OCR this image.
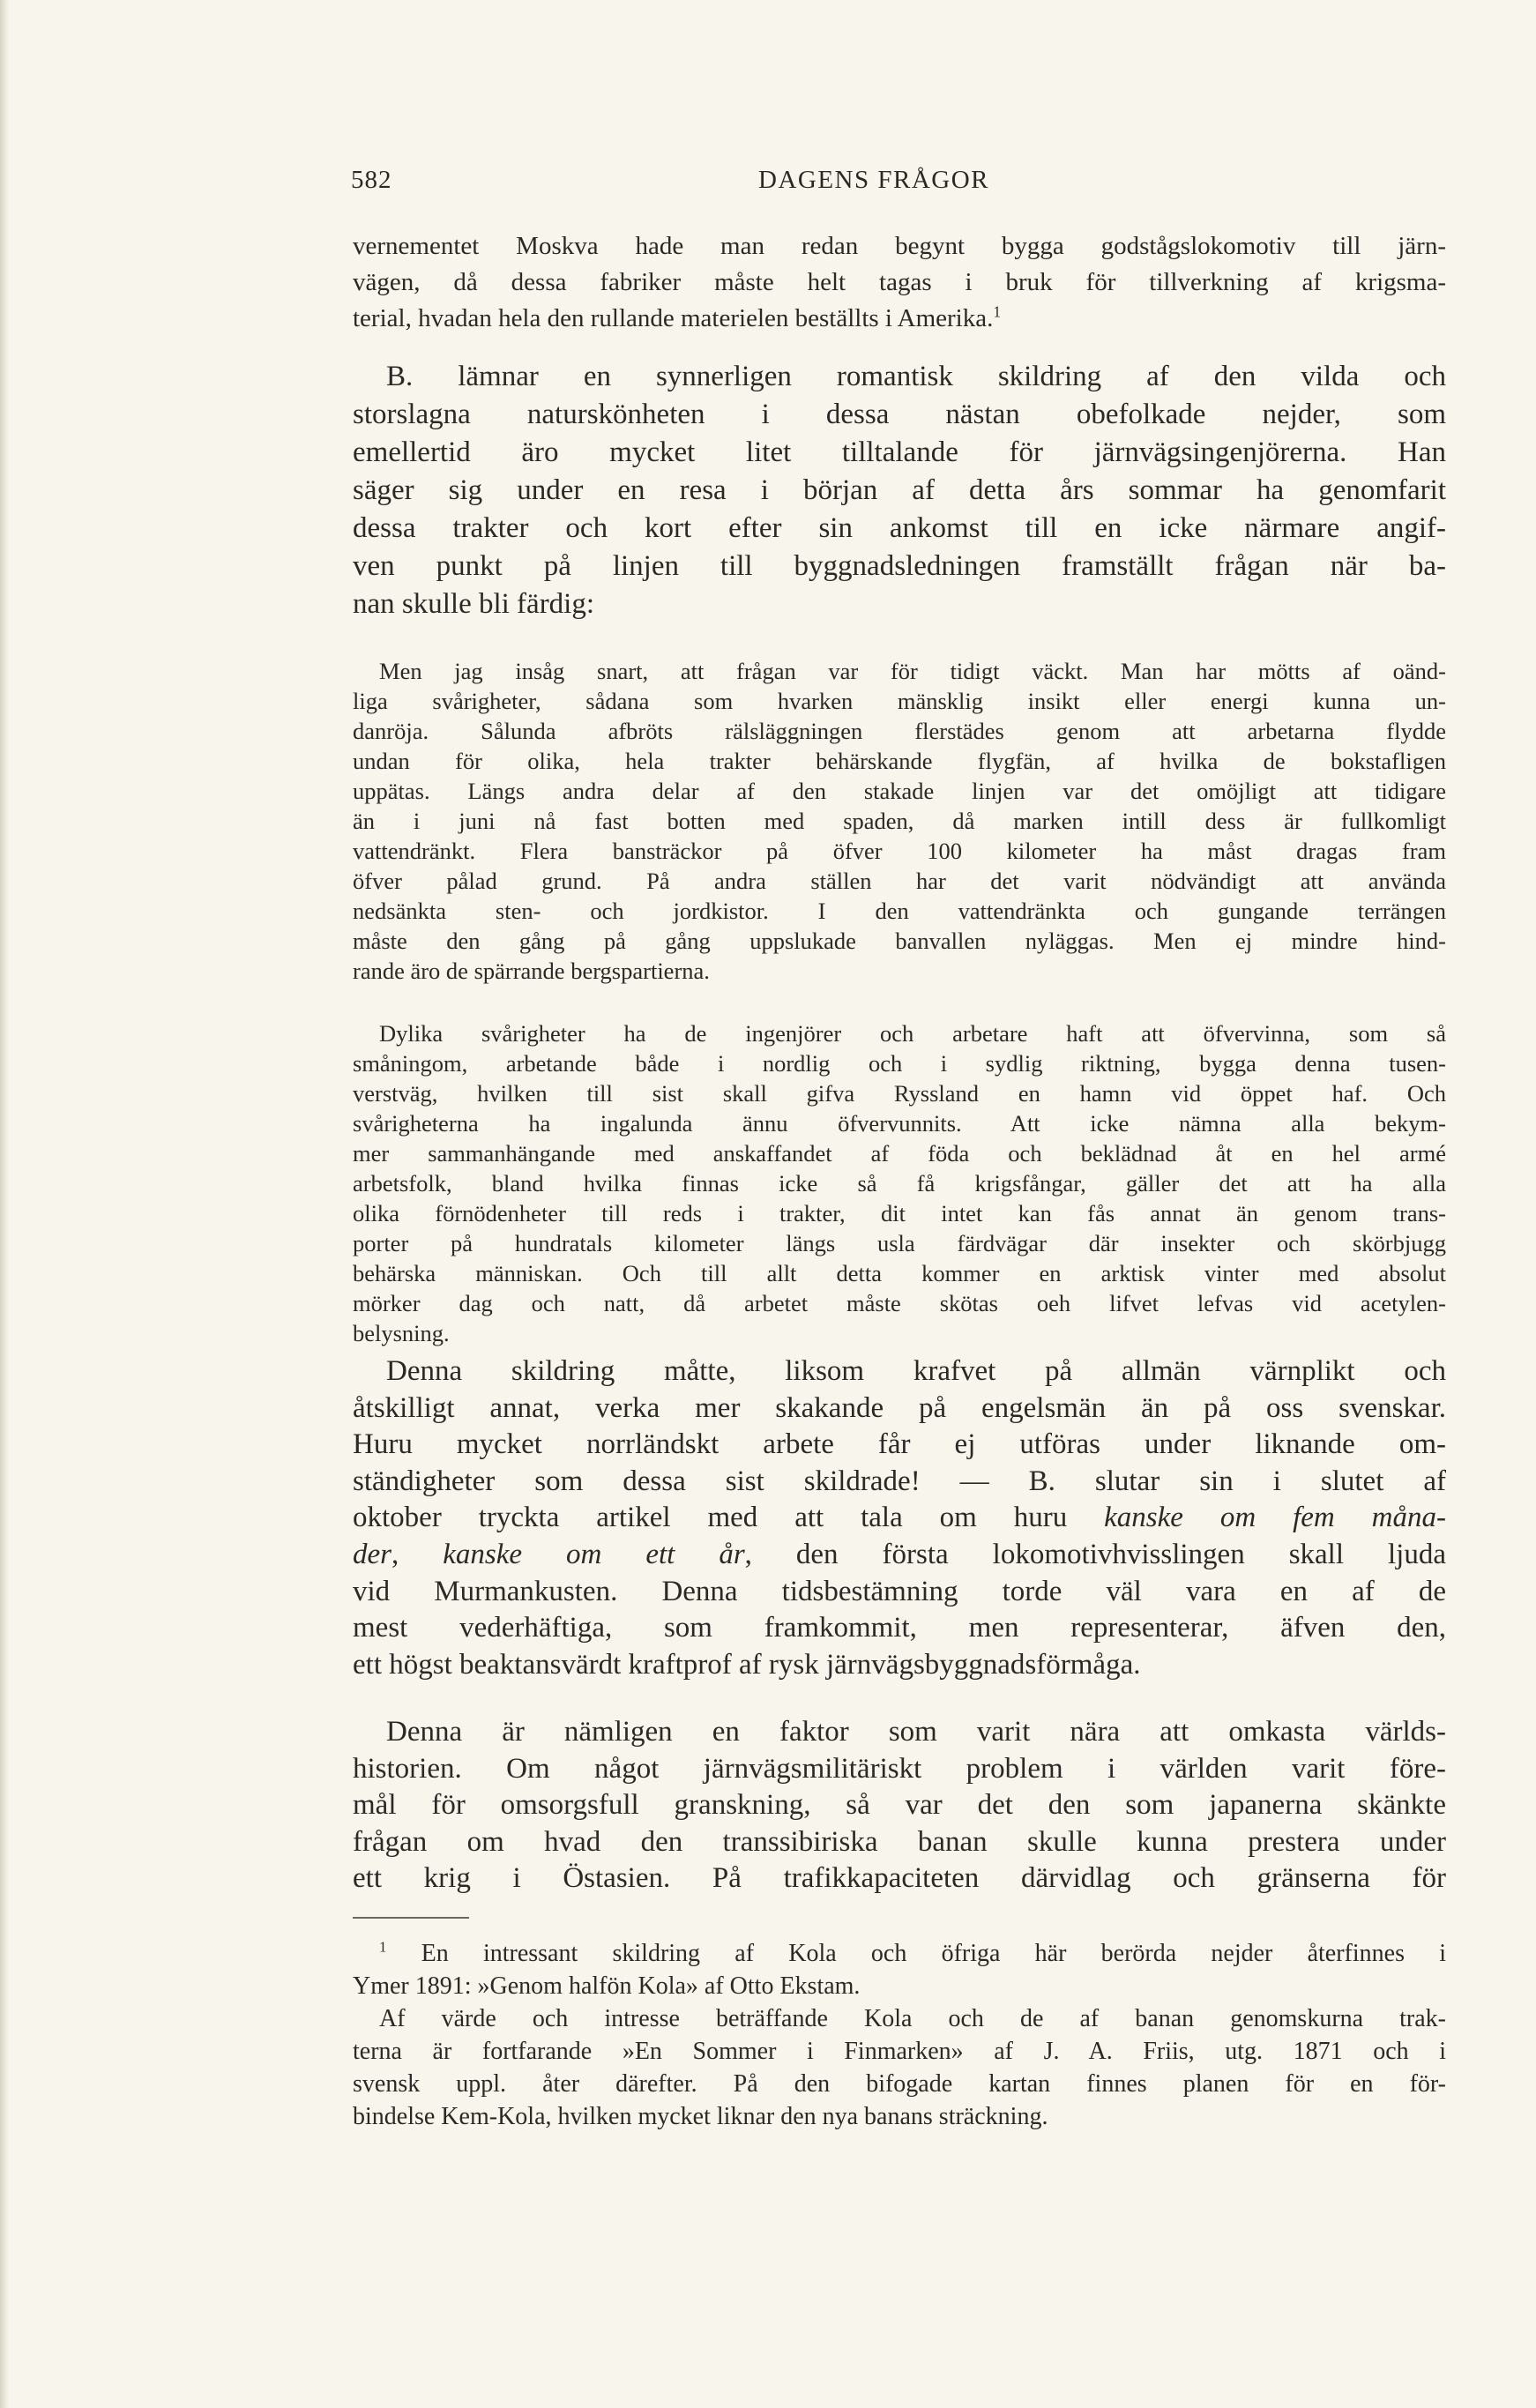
582	DAGENS FRÅGOR
vernementet Moskva hade man redan begynt bygga godstågslokomotiv till järn-
vägen, då dessa fabriker måste helt tagas i bruk för tillverkning af krigsma-
terial, hvadan hela den rullande materielen beställts i Amerika.$^1$
B. lämnar en synnerligen romantisk skildring af den vilda och
storslagna naturskönheten i dessa nästan obefolkade nejder, som
emellertid äro mycket litet tilltalande för järnvägsingenjörerna. Han
säger sig under en resa i början af detta års sommar ha genomfarit
dessa trakter och kort efter sin ankomst till en icke närmare angif-
ven punkt på linjen till byggnadsledningen framställt frågan när ba-
nan skulle bli färdig:
Men jag insåg snart, att frågan var för tidigt väckt. Man har mötts af oänd-
liga svårigheter, sådana som hvarken mänsklig insikt eller energi kunna un-
danröja. Sålunda afbröts rälsläggningen flerstädes genom att arbetarna flydde
undan för olika, hela trakter behärskande flygfän, af hvilka de bokstafligen
uppätas. Längs andra delar af den stakade linjen var det omöjligt att tidigare
än i juni nå fast botten med spaden, då marken intill dess är fullkomligt
vattendränkt. Flera bansträckor på öfver 100 kilometer ha måst dragas fram
öfver pålad grund. På andra ställen har det varit nödvändigt att använda
nedsänkta sten- och jordkistor. I den vattendränkta och gungande terrängen
måste den gång på gång uppslukade banvallen nyläggas. Men ej mindre hind-
rande äro de spärrande bergspartierna.
Dylika svårigheter ha de ingenjörer och arbetare haft att öfvervinna, som så
småningom, arbetande både i nordlig och i sydlig riktning, bygga denna tusen-
verstväg, hvilken till sist skall gifva Ryssland en hamn vid öppet haf. Och
svårigheterna ha ingalunda ännu öfvervunnits. Att icke nämna alla bekym-
mer sammanhängande med anskaffandet af föda och beklädnad åt en hel armé
arbetsfolk, bland hvilka finnas icke så få krigsfångar, gäller det att ha alla
olika förnödenheter till reds i trakter, dit intet kan fås annat än genom trans-
porter på hundratals kilometer längs usla färdvägar där insekter och skörbjugg
behärska människan. Och till allt detta kommer en arktisk vinter med absolut
mörker dag och natt, då arbetet måste skötas oeh lifvet lefvas vid acetylen-
belysning.
Denna skildring måtte, liksom krafvet på allmän värnplikt och
åtskilligt annat, verka mer skakande på engelsmän än på oss svenskar.
Huru mycket norrländskt arbete får ej utföras under liknande om-
ständigheter som dessa sist skildrade! — B. slutar sin i slutet af
oktober tryckta artikel med att tala om huru kanske om fem måna-
der, kanske om ett år, den första lokomotivhvisslingen skall ljuda
vid Murmankusten. Denna tidsbestämning torde väl vara en af de
mest vederhäftiga, som framkommit, men representerar, äfven den,
ett högst beaktansvärdt kraftprof af rysk järnvägsbyggnadsförmåga.
Denna är nämligen en faktor som varit nära att omkasta världs-
historien. Om något järnvägsmilitäriskt problem i världen varit före-
mål för omsorgsfull granskning, så var det den som japanerna skänkte
frågan om hvad den transsibiriska banan skulle kunna prestera under
ett krig i Östasien. På trafikkapaciteten därvidlag och gränserna för
$^1$ En intressant skildring af Kola och öfriga här berörda nejder återfinnes i
Ymer 1891: »Genom halfön Kola» af Otto Ekstam.
Af värde och intresse beträffande Kola och de af banan genomskurna trak-
terna är fortfarande »En Sommer i Finmarken» af J. A. Friis, utg. 1871 och i
svensk uppl. åter därefter. På den bifogade kartan finnes planen för en för-
bindelse Kem-Kola, hvilken mycket liknar den nya banans sträckning.
